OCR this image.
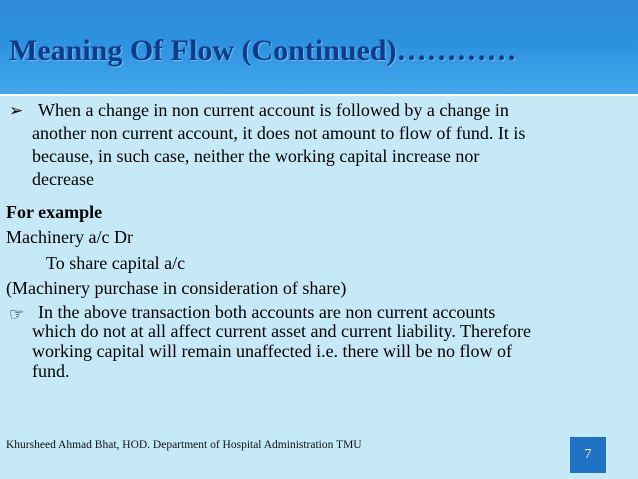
Meaning Of Flow (Continued)…………
➢ When a change in non current account is followed by a change in
another non current account, it does not amount to flow of fund. It is
because, in such case, neither the working capital increase nor
decrease
For example
Machinery a/c Dr
To share capital a/c
(Machinery purchase in consideration of share)
☞ In the above transaction both accounts are non current accounts
which do not at all affect current asset and current liability. Therefore
working capital will remain unaffected i.e. there will be no flow of
fund.
Khursheed Ahmad Bhat, HOD. Department of Hospital Administration TMU
7
